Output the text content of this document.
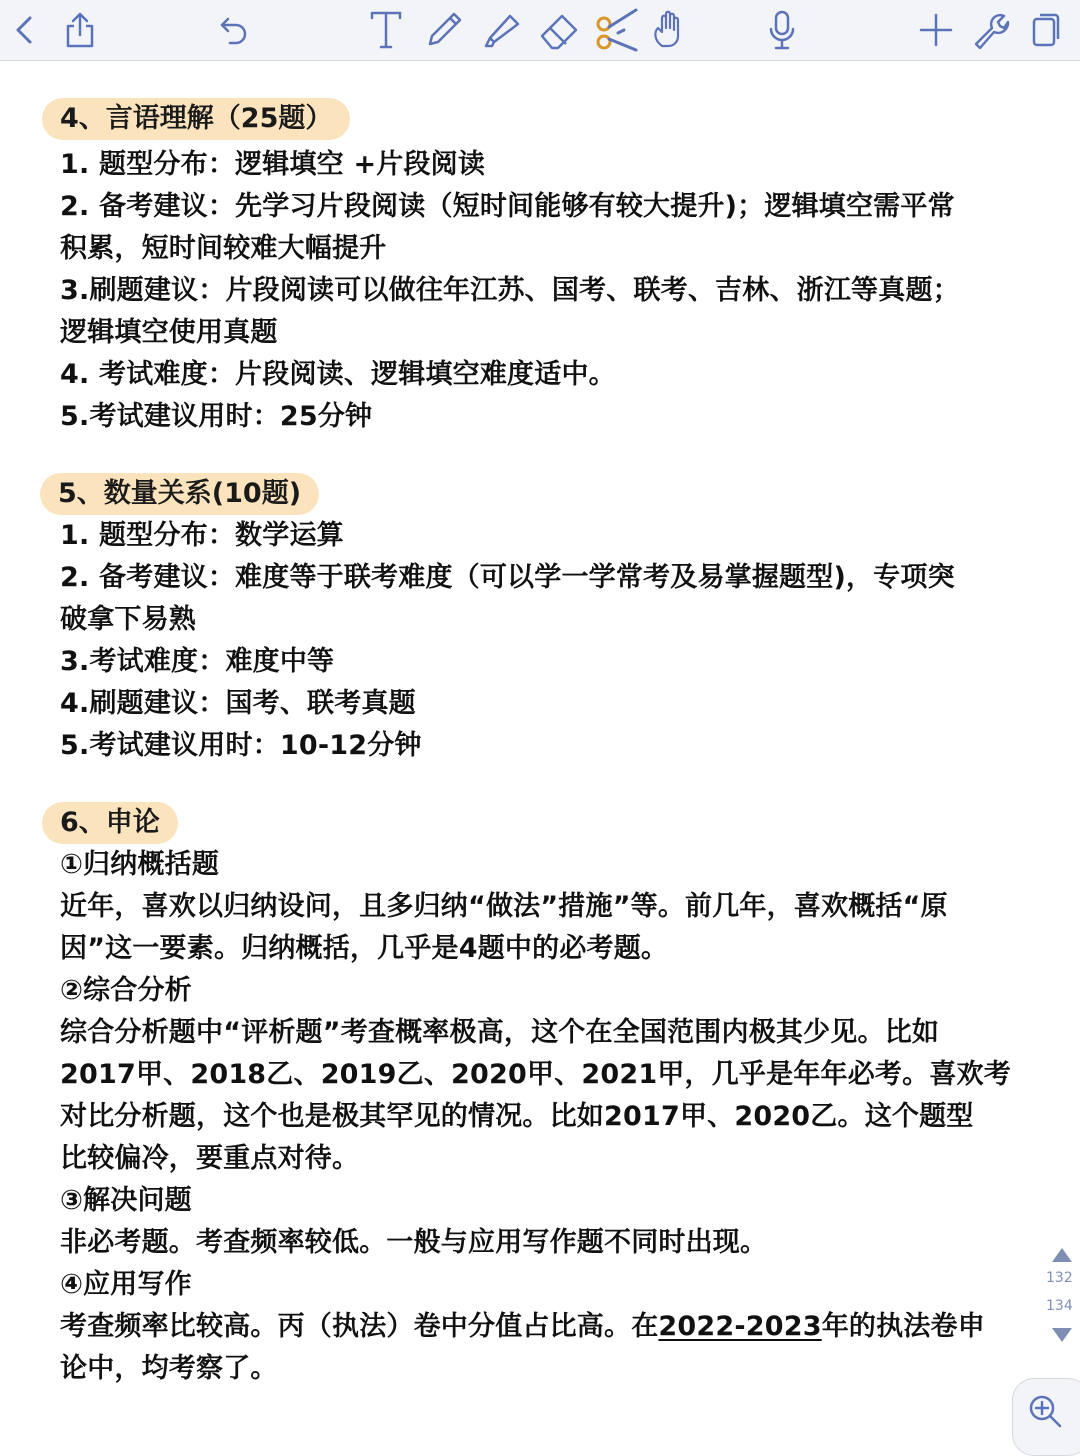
4、言语理解（25题）
1. 题型分布：逻辑填空 +片段阅读
2. 备考建议：先学习片段阅读（短时间能够有较大提升)；逻辑填空需平常
积累，短时间较难大幅提升
3.刷题建议：片段阅读可以做往年江苏、国考、联考、吉林、浙江等真题；
逻辑填空使用真题
4. 考试难度：片段阅读、逻辑填空难度适中。
5.考试建议用时：25分钟
5、数量关系(10题)
1. 题型分布：数学运算
2. 备考建议：难度等于联考难度（可以学一学常考及易掌握题型)，专项突
破拿下易熟
3.考试难度：难度中等
4.刷题建议：国考、联考真题
5.考试建议用时：10-12分钟
6、申论
①归纳概括题
近年，喜欢以归纳设问，且多归纳“做法”措施”等。前几年，喜欢概括“原
因”这一要素。归纳概括，几乎是4题中的必考题。
②综合分析
综合分析题中“评析题”考查概率极高，这个在全国范围内极其少见。比如
2017甲、2018乙、2019乙、2020甲、2021甲，几乎是年年必考。喜欢考
对比分析题，这个也是极其罕见的情况。比如2017甲、2020乙。这个题型
比较偏冷，要重点对待。
③解决问题
非必考题。考查频率较低。一般与应用写作题不同时出现。
④应用写作
考查频率比较高。丙（执法）卷中分值占比高。在2022-2023年的执法卷申
论中，均考察了。
132
134
